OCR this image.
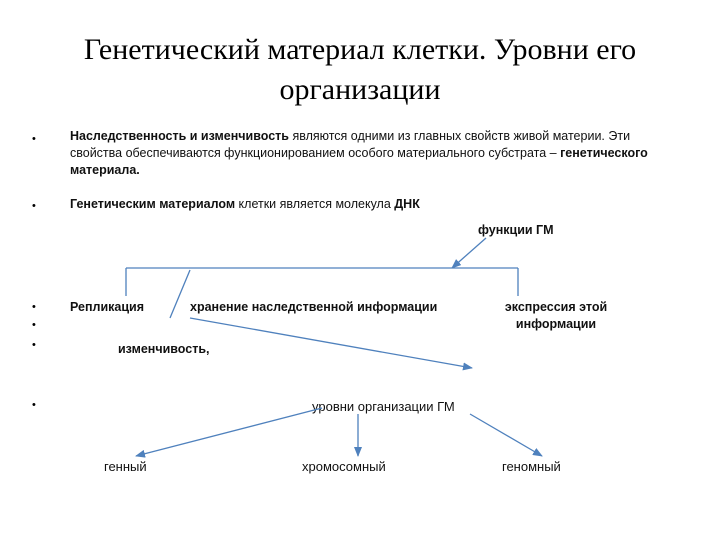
Генетический материал клетки. Уровни его
организации
•
•
•
•
•
•
Наследственность и изменчивость являются одними из главных свойств живой материи. Эти свойства обеспечиваются функционированием особого материального субстрата – генетического материала.
Генетическим материалом клетки является молекула ДНК
функции ГМ
Репликация	хранение наследственной информации	экспрессия этой
информации
изменчивость,
уровни организации ГМ
генный	хромосомный	геномный
